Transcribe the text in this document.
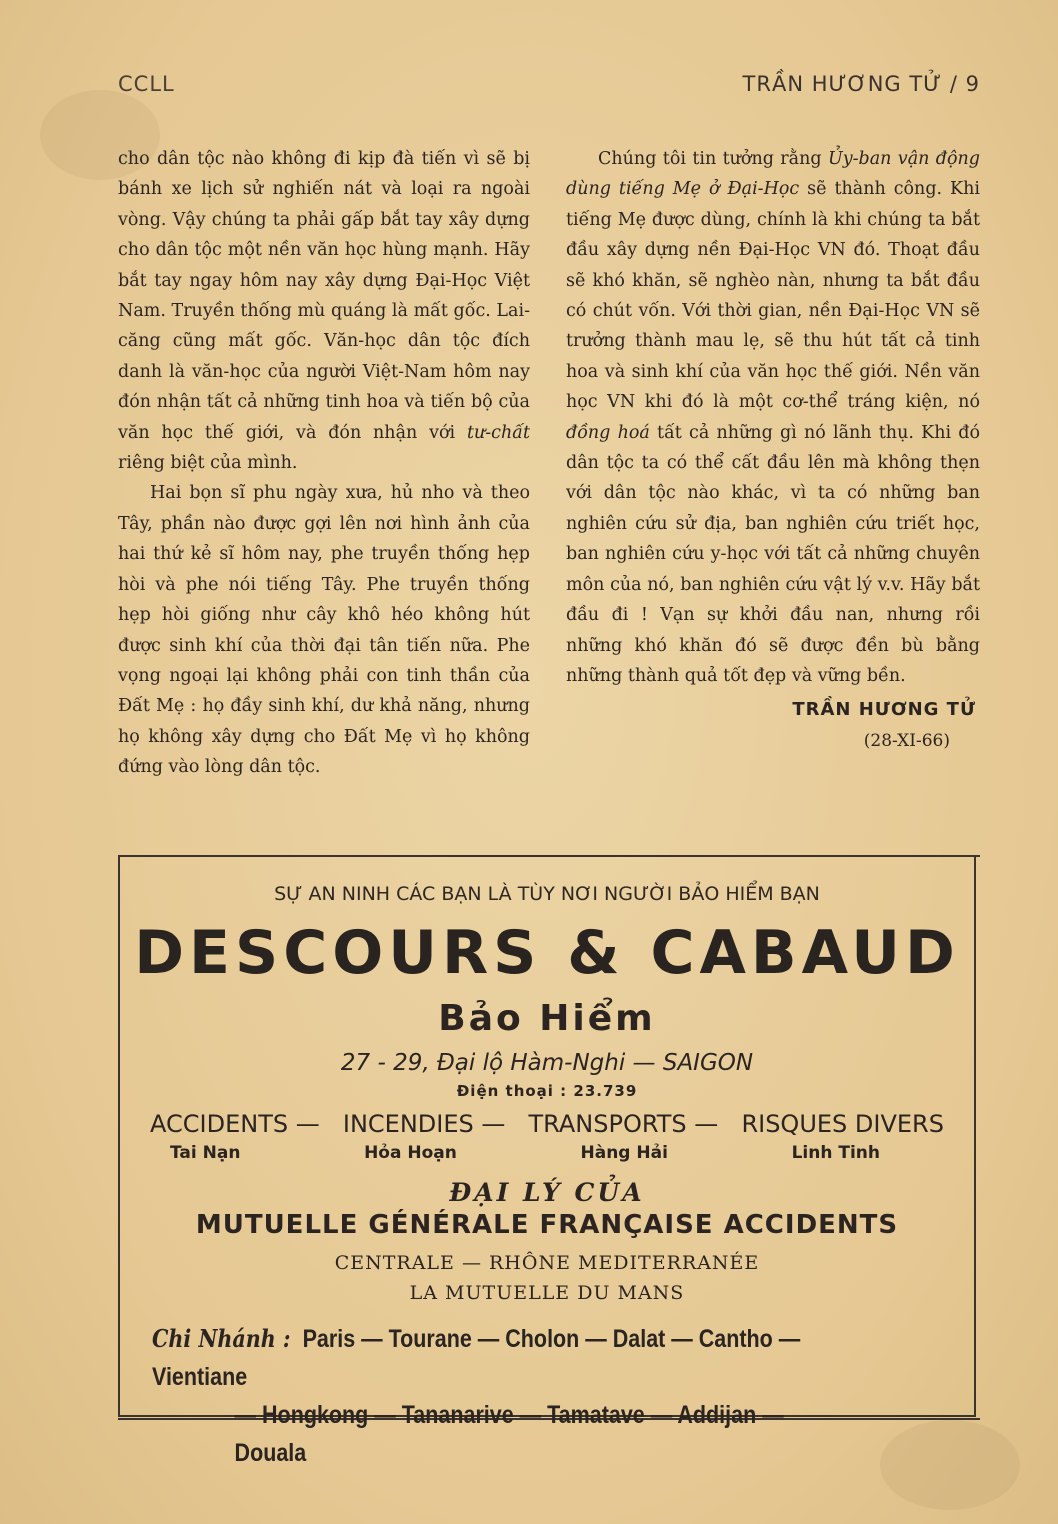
CCLL	TRẦN HƯƠNG TỬ / 9

cho dân tộc nào không đi kịp đà tiến vì sẽ bị bánh xe lịch sử nghiến nát và loại ra ngoài vòng. Vậy chúng ta phải gấp bắt tay xây dựng cho dân tộc một nền văn học hùng mạnh. Hãy bắt tay ngay hôm nay xây dựng Đại-Học Việt Nam. Truyền thống mù quáng là mất gốc. Lai-căng cũng mất gốc. Văn-học dân tộc đích danh là văn-học của người Việt-Nam hôm nay đón nhận tất cả những tinh hoa và tiến bộ của văn học thế giới, và đón nhận với tư-chất riêng biệt của mình.

Hai bọn sĩ phu ngày xưa, hủ nho và theo Tây, phần nào được gợi lên nơi hình ảnh của hai thứ kẻ sĩ hôm nay, phe truyền thống hẹp hòi và phe nói tiếng Tây. Phe truyền thống hẹp hòi giống như cây khô héo không hút được sinh khí của thời đại tân tiến nữa. Phe vọng ngoại lại không phải con tinh thần của Đất Mẹ : họ đầy sinh khí, dư khả năng, nhưng họ không xây dựng cho Đất Mẹ vì họ không đứng vào lòng dân tộc.

Chúng tôi tin tưởng rằng Ủy-ban vận động dùng tiếng Mẹ ở Đại-Học sẽ thành công. Khi tiếng Mẹ được dùng, chính là khi chúng ta bắt đầu xây dựng nền Đại-Học VN đó. Thoạt đầu sẽ khó khăn, sẽ nghèo nàn, nhưng ta bắt đầu có chút vốn. Với thời gian, nền Đại-Học VN sẽ trưởng thành mau lẹ, sẽ thu hút tất cả tinh hoa và sinh khí của văn học thế giới. Nền văn học VN khi đó là một cơ-thể tráng kiện, nó đồng hoá tất cả những gì nó lãnh thụ. Khi đó dân tộc ta có thể cất đầu lên mà không thẹn với dân tộc nào khác, vì ta có những ban nghiên cứu sử địa, ban nghiên cứu triết học, ban nghiên cứu y-học với tất cả những chuyên môn của nó, ban nghiên cứu vật lý v.v. Hãy bắt đầu đi ! Vạn sự khởi đầu nan, nhưng rồi những khó khăn đó sẽ được đền bù bằng những thành quả tốt đẹp và vững bền.

TRẦN HƯƠNG TỬ
(28-XI-66)
SỰ AN NINH CÁC BẠN LÀ TÙY NƠI NGƯỜI BẢO HIỂM BẠN
DESCOURS & CABAUD
Bảo Hiểm
27 - 29, Đại lộ Hàm-Nghi — SAIGON
Điện thoại : 23.739
ACCIDENTS — INCENDIES — TRANSPORTS — RISQUES DIVERS
Tai Nạn	Hỏa Hoạn	Hàng Hải	Linh Tinh
ĐẠI LÝ CỦA
MUTUELLE GÉNÉRALE FRANÇAISE ACCIDENTS
CENTRALE — RHÔNE MEDITERRANÉE
LA MUTUELLE DU MANS
Chi Nhánh : Paris — Tourane — Cholon — Dalat — Cantho — Vientiane
— Hongkong — Tananarive — Tamatave — Addijan — Douala
